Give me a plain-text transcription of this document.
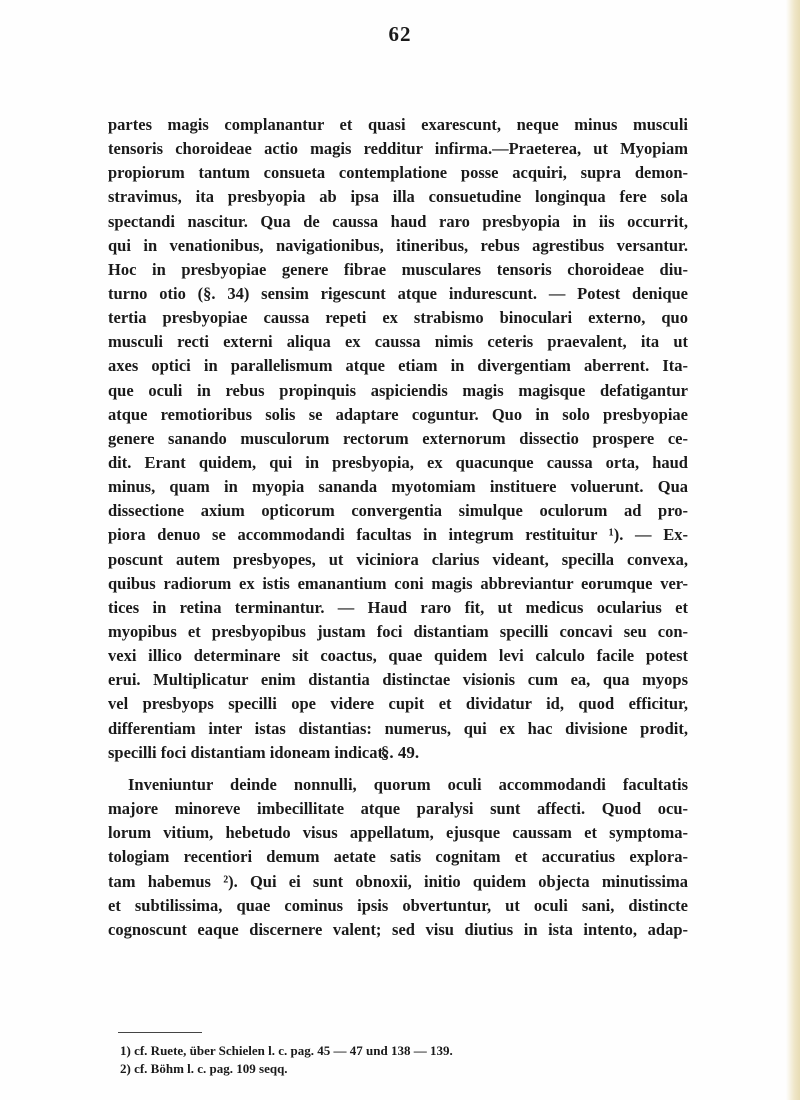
62
partes magis complanantur et quasi exarescunt, neque minus musculi
tensoris choroideae actio magis redditur infirma.—Praeterea, ut Myopiam
propiorum tantum consueta contemplatione posse acquiri, supra demon-
stravimus, ita presbyopia ab ipsa illa consuetudine longinqua fere sola
spectandi nascitur. Qua de caussa haud raro presbyopia in iis occurrit,
qui in venationibus, navigationibus, itineribus, rebus agrestibus versantur.
Hoc in presbyopiae genere fibrae musculares tensoris choroideae diu-
turno otio (§. 34) sensim rigescunt atque indurescunt. — Potest denique
tertia presbyopiae caussa repeti ex strabismo binoculari externo, quo
musculi recti externi aliqua ex caussa nimis ceteris praevalent, ita ut
axes optici in parallelismum atque etiam in divergentiam aberrent. Ita-
que oculi in rebus propinquis aspiciendis magis magisque defatigantur
atque remotioribus solis se adaptare coguntur. Quo in solo presbyopiae
genere sanando musculorum rectorum externorum dissectio prospere ce-
dit. Erant quidem, qui in presbyopia, ex quacunque caussa orta, haud
minus, quam in myopia sananda myotomiam instituere voluerunt. Qua
dissectione axium opticorum convergentia simulque oculorum ad pro-
piora denuo se accommodandi facultas in integrum restituitur ¹). — Ex-
poscunt autem presbyopes, ut viciniora clarius videant, specilla convexa,
quibus radiorum ex istis emanantium coni magis abbreviantur eorumque ver-
tices in retina terminantur. — Haud raro fit, ut medicus ocularius et
myopibus et presbyopibus justam foci distantiam specilli concavi seu con-
vexi illico determinare sit coactus, quae quidem levi calculo facile potest
erui. Multiplicatur enim distantia distinctae visionis cum ea, qua myops
vel presbyops specilli ope videre cupit et dividatur id, quod efficitur,
differentiam inter istas distantias: numerus, qui ex hac divisione prodit,
specilli foci distantiam idoneam indicat.
§. 49.
Inveniuntur deinde nonnulli, quorum oculi accommodandi facultatis
majore minoreve imbecillitate atque paralysi sunt affecti. Quod ocu-
lorum vitium, hebetudo visus appellatum, ejusque caussam et symptoma-
tologiam recentiori demum aetate satis cognitam et accuratius explora-
tam habemus ²). Qui ei sunt obnoxii, initio quidem objecta minutissima
et subtilissima, quae cominus ipsis obvertuntur, ut oculi sani, distincte
cognoscunt eaque discernere valent; sed visu diutius in ista intento, adap-
1) cf. Ruete, über Schielen l. c. pag. 45 — 47 und 138 — 139.
2) cf. Böhm l. c. pag. 109 seqq.
